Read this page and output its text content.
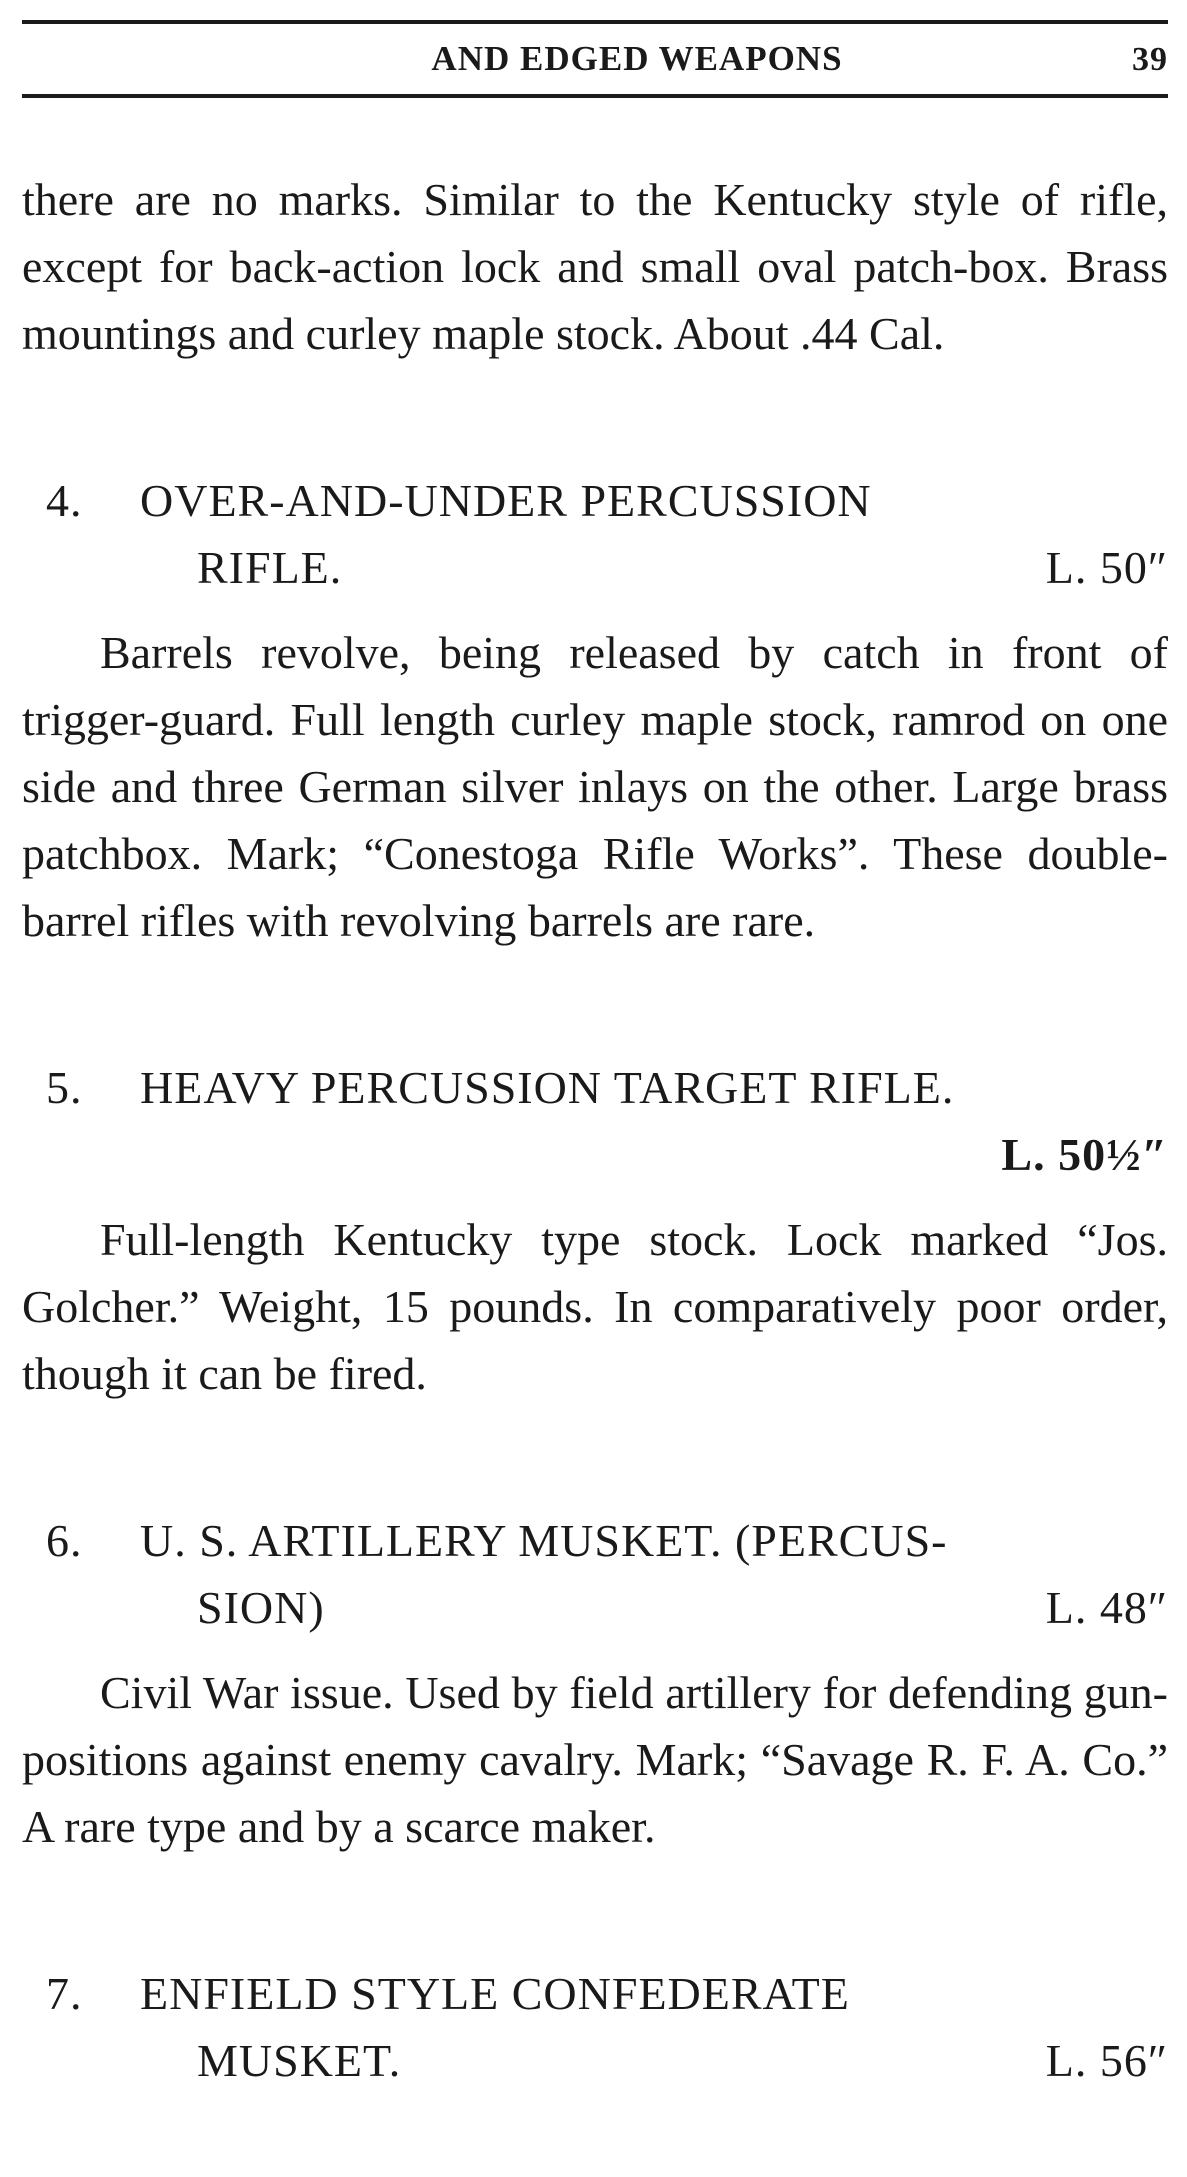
AND EDGED WEAPONS	39

there are no marks. Similar to the Kentucky style of rifle, except for back-action lock and small oval patch-box. Brass mountings and curley maple stock. About .44 Cal.

4.	OVER-AND-UNDER PERCUSSION
RIFLE.	L. 50″

Barrels revolve, being released by catch in front of trigger-guard. Full length curley maple stock, ramrod on one side and three German silver inlays on the other. Large brass patchbox. Mark; “Conestoga Rifle Works”. These double-barrel rifles with revolving barrels are rare.

5.	HEAVY PERCUSSION TARGET RIFLE.
L. 50½″

Full-length Kentucky type stock. Lock marked “Jos. Golcher.” Weight, 15 pounds. In comparatively poor order, though it can be fired.

6.	U. S. ARTILLERY MUSKET. (PERCUS-
SION)	L. 48″

Civil War issue. Used by field artillery for defending gun-positions against enemy cavalry. Mark; “Savage R. F. A. Co.” A rare type and by a scarce maker.

7.	ENFIELD STYLE CONFEDERATE
MUSKET.	L. 56″
